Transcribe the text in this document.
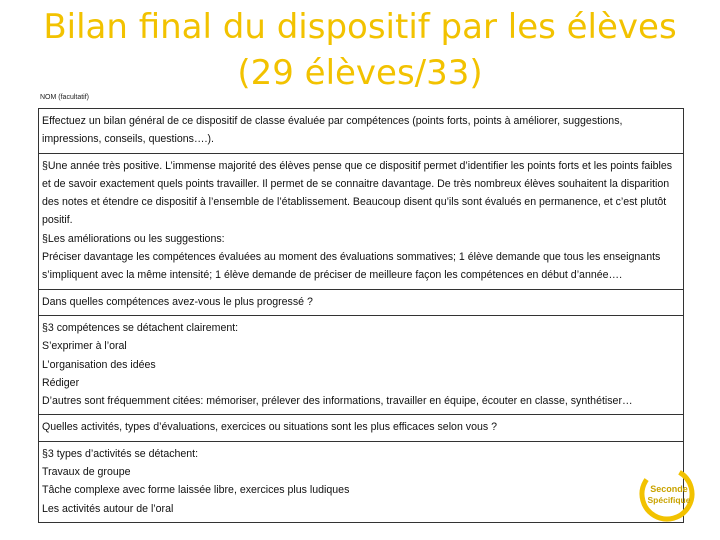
Bilan final du dispositif par les élèves
(29 élèves/33)
NOM (facultatif)

Effectuez un bilan général de ce dispositif de classe évaluée par compétences (points forts, points à améliorer, suggestions, impressions, conseils, questions….).

§ Une année très positive. L’immense majorité des élèves pense que ce dispositif permet d’identifier les points forts et les points faibles et de savoir exactement quels points travailler. Il permet de se connaitre davantage. De très nombreux élèves souhaitent la disparition des notes et étendre ce dispositif à l’ensemble de l’établissement. Beaucoup disent qu’ils sont évalués en permanence, et c’est plutôt positif.

§ Les améliorations ou les suggestions:

Préciser davantage les compétences évaluées au moment des évaluations sommatives; 1 élève demande que tous les enseignants s’impliquent avec la même intensité; 1 élève demande de préciser de meilleure façon les compétences en début d’année….

Dans quelles compétences avez-vous le plus progressé ?

§ 3 compétences se détachent clairement:

S’exprimer à l’oral

L’organisation des idées

Rédiger

D’autres sont fréquemment citées: mémoriser, prélever des informations, travailler en équipe, écouter en classe, synthétiser…

Quelles activités, types d’évaluations, exercices ou situations sont les plus efficaces selon vous ?

§ 3 types d’activités se détachent:

Travaux de groupe

Tâche complexe avec forme laissée libre, exercices plus ludiques

Les activités autour de l’oral

Seconde
Spécifique
